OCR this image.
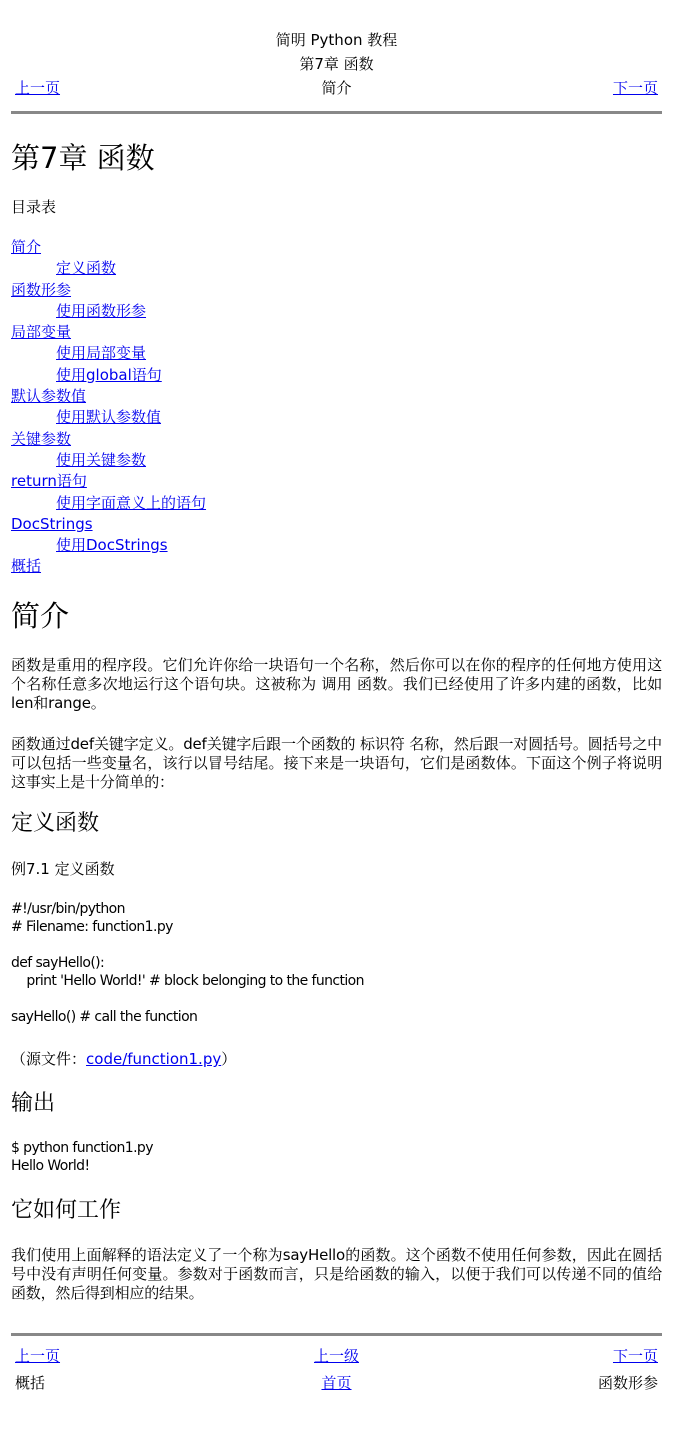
简明 Python 教程
第7章 函数
上一页	简介	下一页
第7章 函数
目录表
简介
定义函数
函数形参
使用函数形参
局部变量
使用局部变量
使用global语句
默认参数值
使用默认参数值
关键参数
使用关键参数
return语句
使用字面意义上的语句
DocStrings
使用DocStrings
概括
简介

函数是重用的程序段。它们允许你给一块语句一个名称，然后你可以在你的程序的任何地方使用这个名称任意多次地运行这个语句块。这被称为 调用 函数。我们已经使用了许多内建的函数，比如len和range。

函数通过def关键字定义。def关键字后跟一个函数的 标识符 名称，然后跟一对圆括号。圆括号之中可以包括一些变量名，该行以冒号结尾。接下来是一块语句，它们是函数体。下面这个例子将说明这事实上是十分简单的：

定义函数
例7.1 定义函数
#!/usr/bin/python
# Filename: function1.py

def sayHello():
print 'Hello World!' # block belonging to the function

sayHello() # call the function
（源文件：code/function1.py）
输出
$ python function1.py
Hello World!
它如何工作

我们使用上面解释的语法定义了一个称为sayHello的函数。这个函数不使用任何参数，因此在圆括号中没有声明任何变量。参数对于函数而言，只是给函数的输入，以便于我们可以传递不同的值给函数，然后得到相应的结果。

上一页	上一级	下一页
概括	首页	函数形参
